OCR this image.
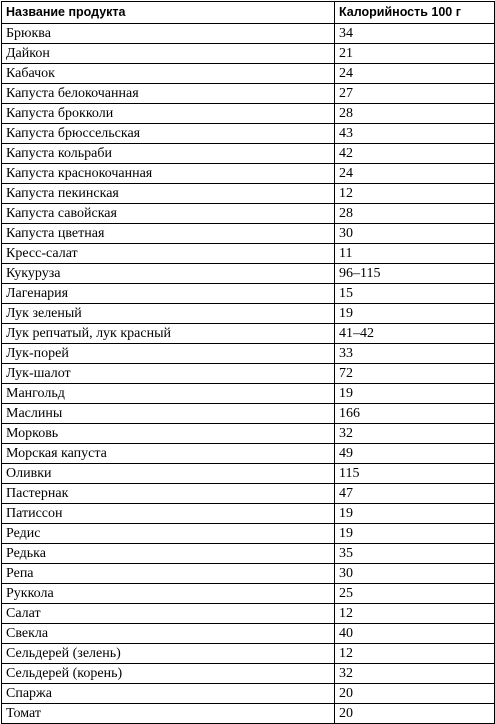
Название продукта	Калорийность 100 г
Брюква	34
Дайкон	21
Кабачок	24
Капуста белокочанная	27
Капуста брокколи	28
Капуста брюссельская	43
Капуста кольраби	42
Капуста краснокочанная	24
Капуста пекинская	12
Капуста савойская	28
Капуста цветная	30
Кресс-салат	11
Кукуруза	96–115
Лагенария	15
Лук зеленый	19
Лук репчатый, лук красный	41–42
Лук-порей	33
Лук-шалот	72
Мангольд	19
Маслины	166
Морковь	32
Морская капуста	49
Оливки	115
Пастернак	47
Патиссон	19
Редис	19
Редька	35
Репа	30
Руккола	25
Салат	12
Свекла	40
Сельдерей (зелень)	12
Сельдерей (корень)	32
Спаржа	20
Томат	20
